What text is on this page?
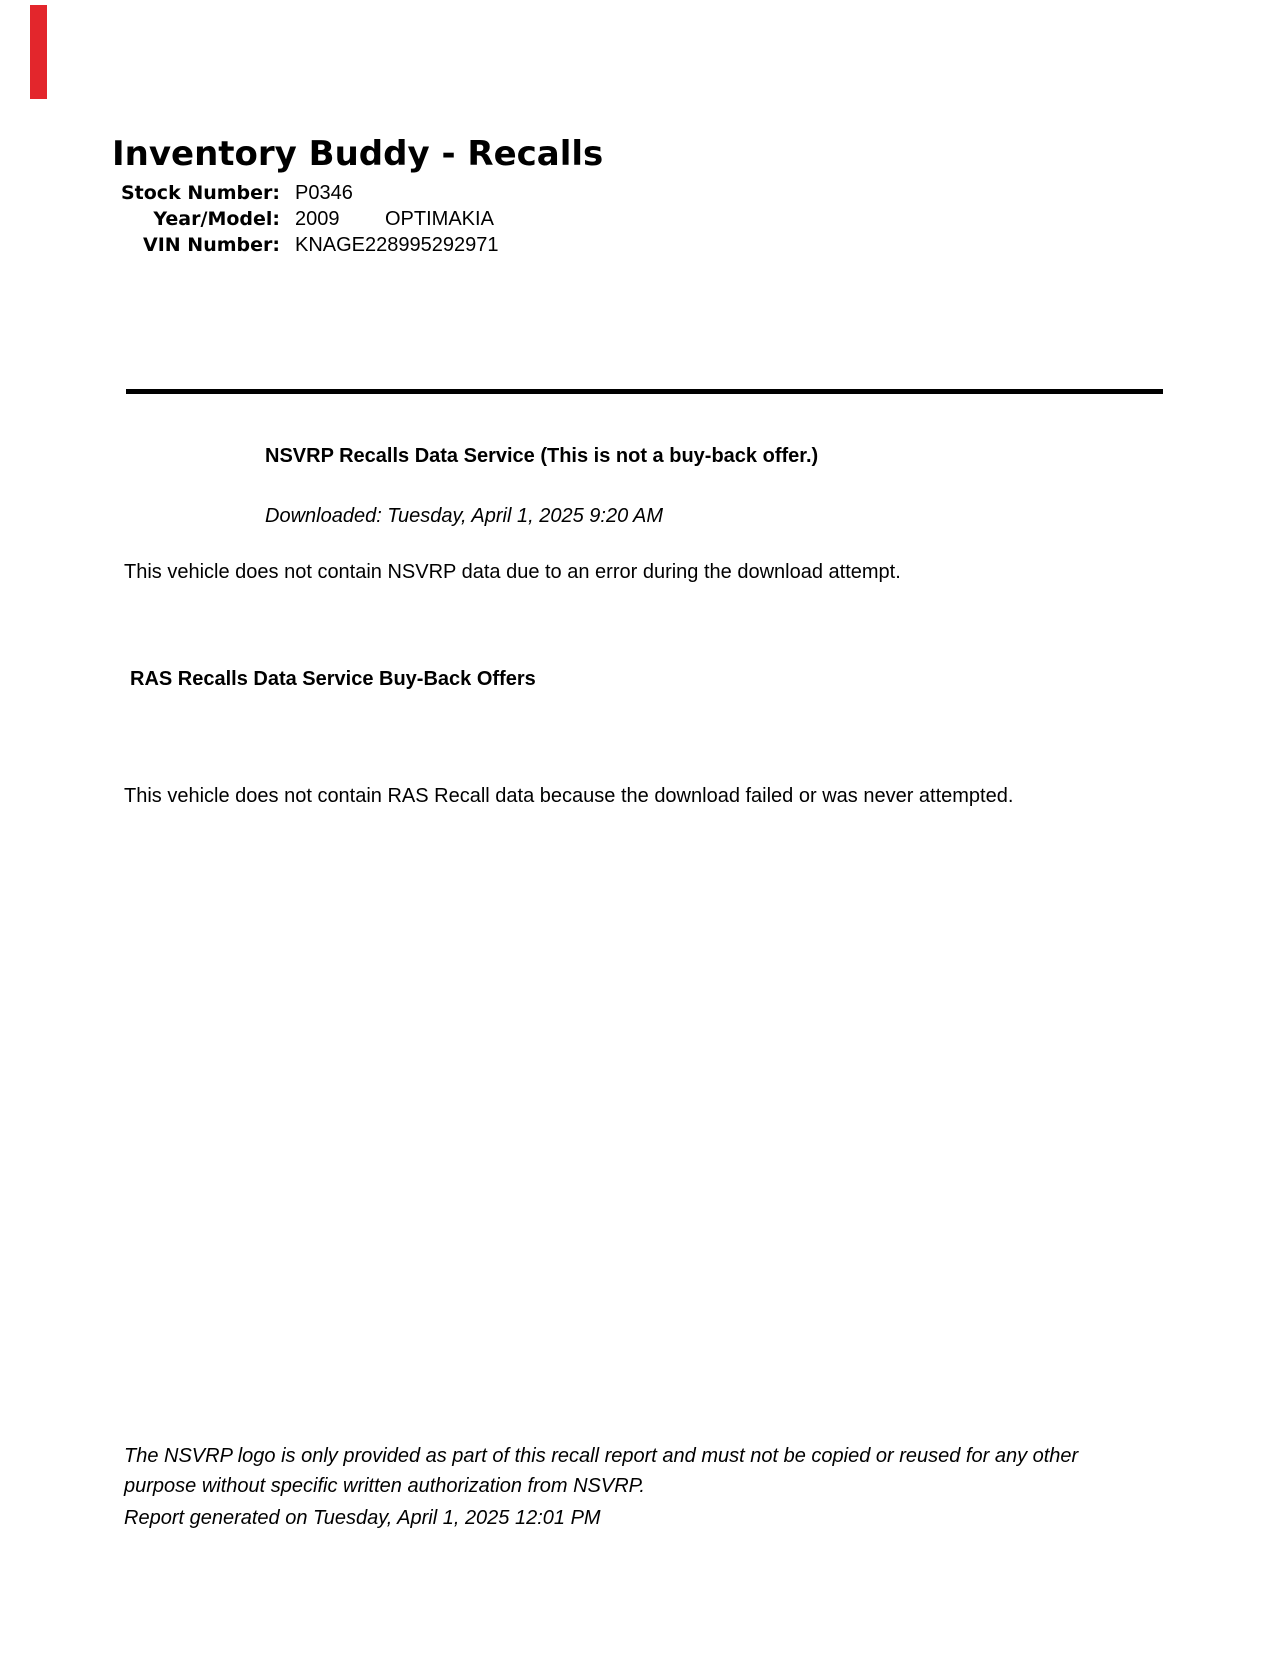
Inventory Buddy - Recalls
Stock Number: P0346
Year/Model: 2009 OPTIMAKIA
VIN Number: KNAGE228995292971
NSVRP Recalls Data Service (This is not a buy-back offer.)
Downloaded: Tuesday, April 1, 2025 9:20 AM
This vehicle does not contain NSVRP data due to an error during the download attempt.
RAS Recalls Data Service Buy-Back Offers
This vehicle does not contain RAS Recall data because the download failed or was never attempted.
The NSVRP logo is only provided as part of this recall report and must not be copied or reused for any other
purpose without specific written authorization from NSVRP.
Report generated on Tuesday, April 1, 2025 12:01 PM
